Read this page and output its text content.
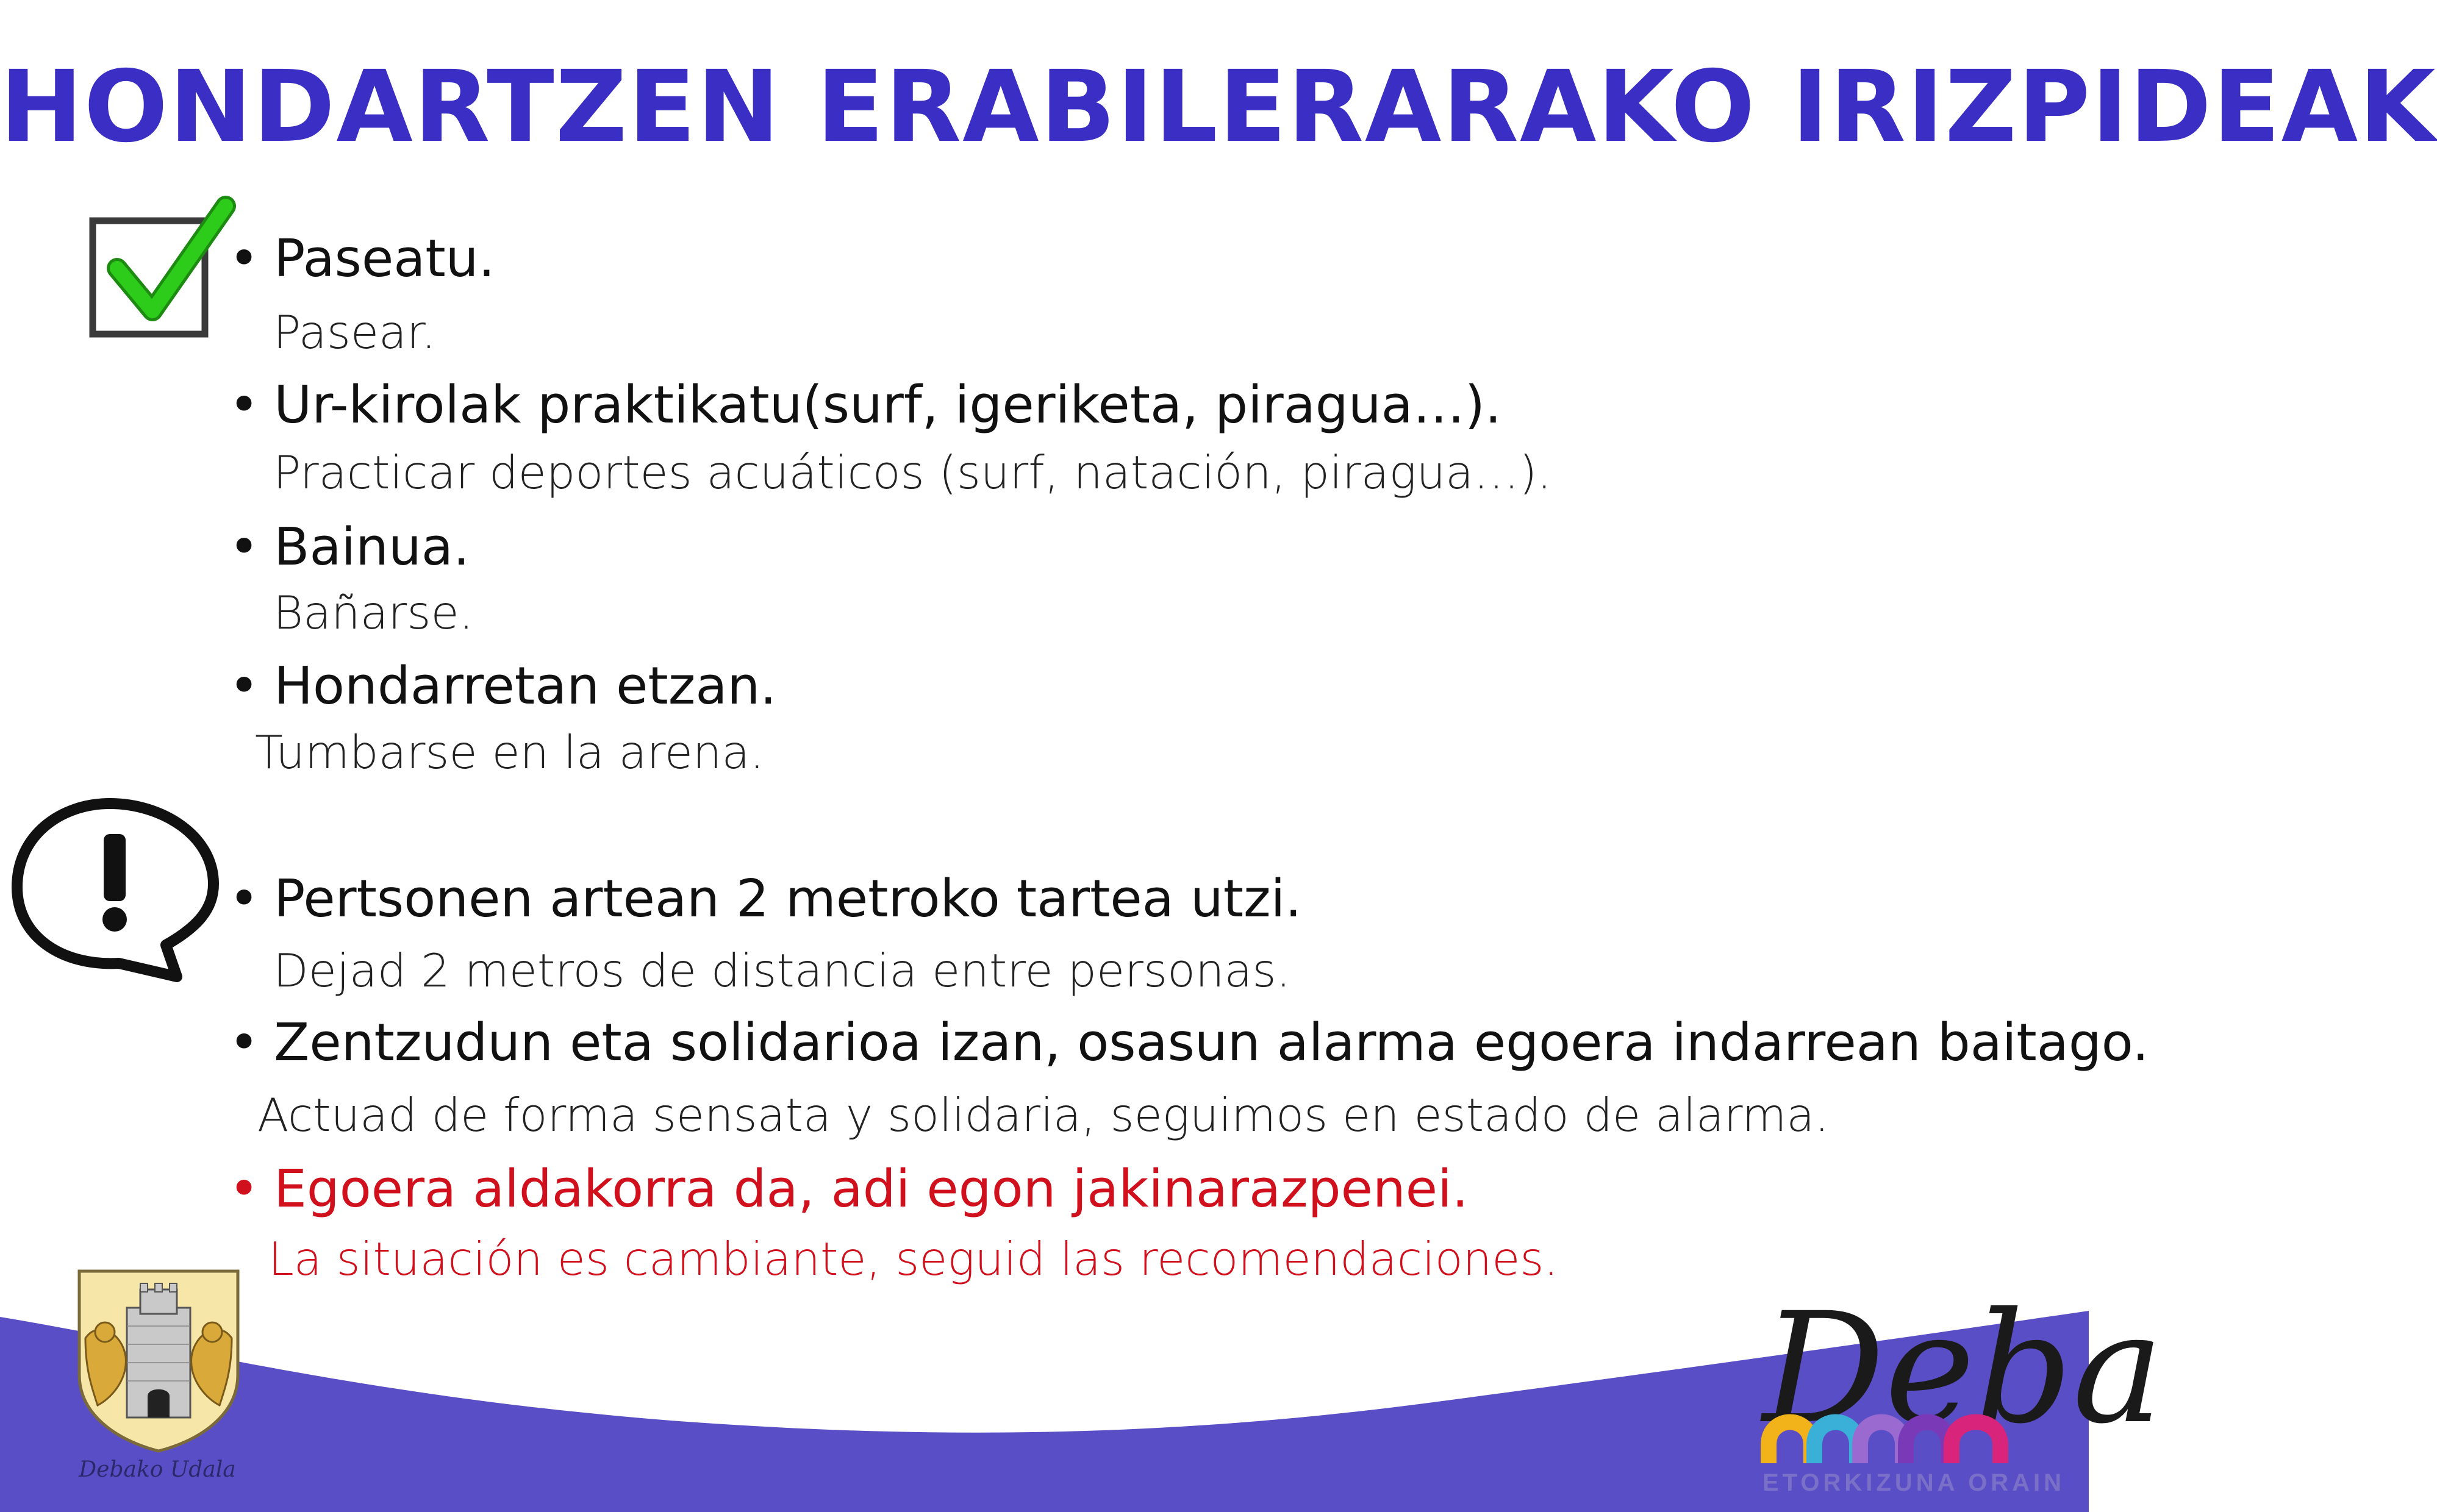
HONDARTZEN ERABILERARAKO IRIZPIDEAK
• Paseatu.
Pasear.
• Ur-kirolak praktikatu(surf, igeriketa, piragua…).
Practicar deportes acuáticos (surf, natación, piragua…).
• Bainua.
Bañarse.
• Hondarretan etzan.
Tumbarse en la arena.
• Pertsonen artean 2 metroko tartea utzi.
Dejad 2 metros de distancia entre personas.
• Zentzudun eta solidarioa izan, osasun alarma egoera indarrean baitago.
Actuad de forma sensata y solidaria, seguimos en estado de alarma.
• Egoera aldakorra da, adi egon jakinarazpenei.
La situación es cambiante, seguid las recomendaciones.
Debako Udala
Deba
ETORKIZUNA ORAIN
